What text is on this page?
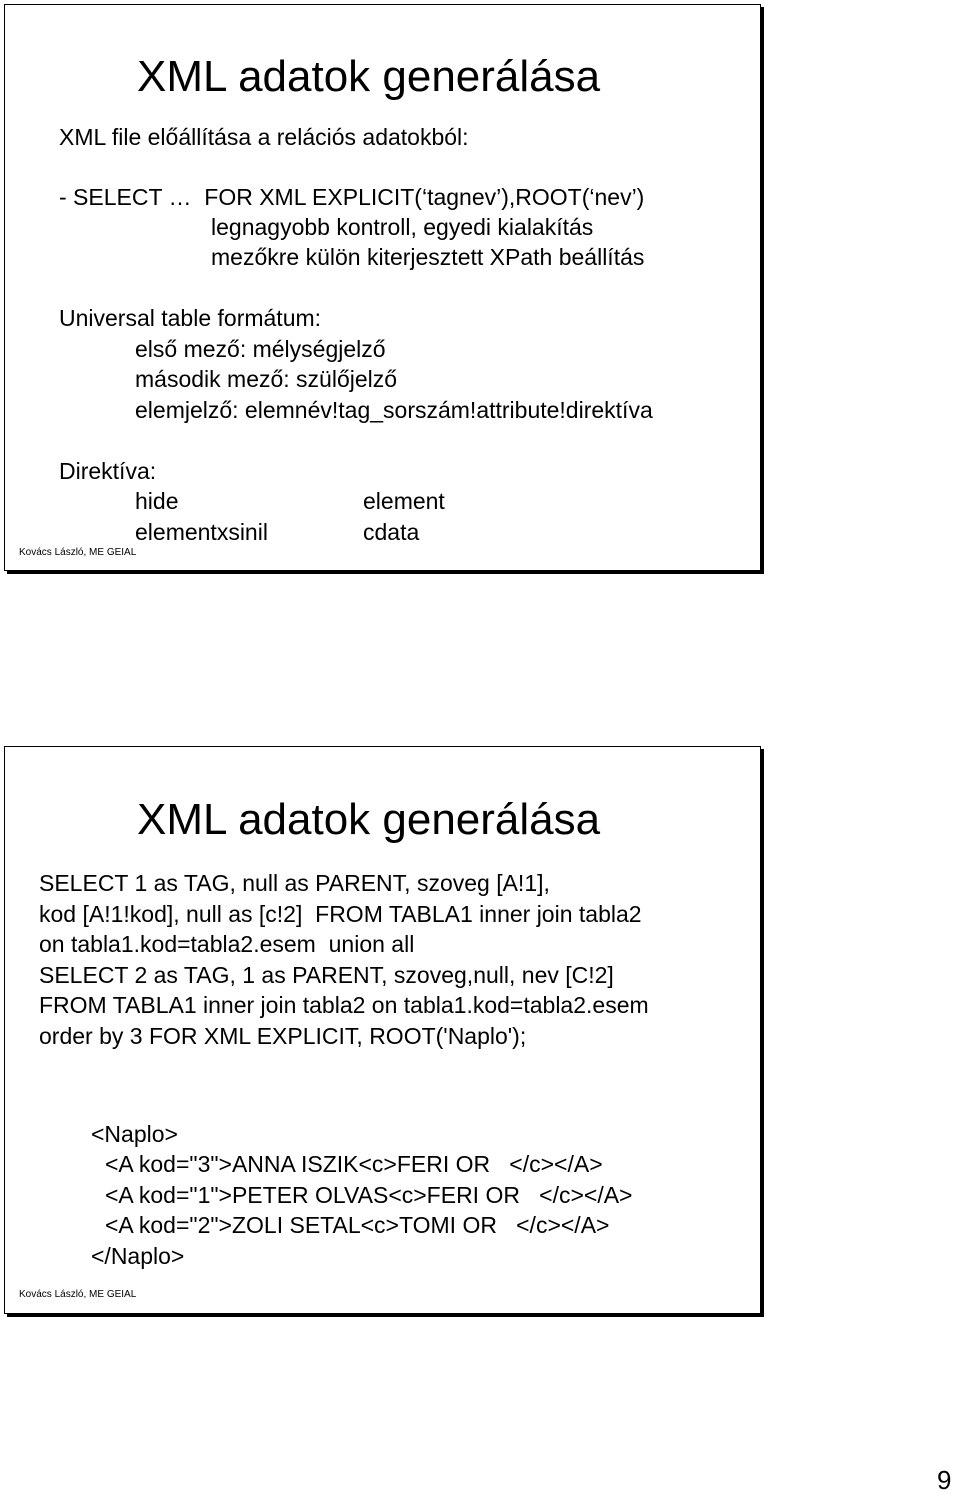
XML adatok generálása
XML file előállítása a relációs adatokból:
- SELECT …  FOR XML EXPLICIT(‘tagnev’),ROOT(‘nev’)
legnagyobb kontroll, egyedi kialakítás
mezőkre külön kiterjesztett XPath beállítás
Universal table formátum:
első mező: mélységjelző
második mező: szülőjelző
elemjelző: elemnév!tag_sorszám!attribute!direktíva
Direktíva:
hide	element
elementxsinil	cdata
Kovács László, ME GEIAL
XML adatok generálása
SELECT 1 as TAG, null as PARENT, szoveg [A!1],
kod [A!1!kod], null as [c!2]  FROM TABLA1 inner join tabla2
on tabla1.kod=tabla2.esem  union all
SELECT 2 as TAG, 1 as PARENT, szoveg,null, nev [C!2]
FROM TABLA1 inner join tabla2 on tabla1.kod=tabla2.esem
order by 3 FOR XML EXPLICIT, ROOT('Naplo');
<Naplo>
<A kod="3">ANNA ISZIK<c>FERI OR   </c></A>
<A kod="1">PETER OLVAS<c>FERI OR   </c></A>
<A kod="2">ZOLI SETAL<c>TOMI OR   </c></A>
</Naplo>
Kovács László, ME GEIAL
9
